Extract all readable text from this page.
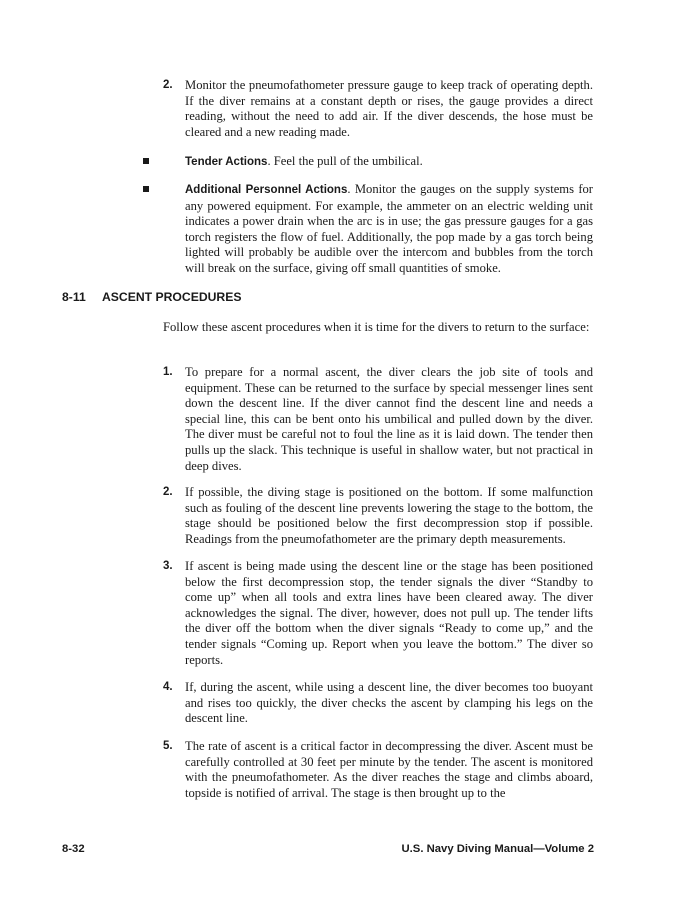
2. Monitor the pneumofathometer pressure gauge to keep track of operating depth. If the diver remains at a constant depth or rises, the gauge provides a direct reading, without the need to add air. If the diver descends, the hose must be cleared and a new reading made.
Tender Actions. Feel the pull of the umbilical.
Additional Personnel Actions. Monitor the gauges on the supply systems for any powered equipment. For example, the ammeter on an electric welding unit indicates a power drain when the arc is in use; the gas pressure gauges for a gas torch registers the flow of fuel. Additionally, the pop made by a gas torch being lighted will probably be audible over the intercom and bubbles from the torch will break on the surface, giving off small quantities of smoke.
8-11 ASCENT PROCEDURES
Follow these ascent procedures when it is time for the divers to return to the surface:
1. To prepare for a normal ascent, the diver clears the job site of tools and equipment. These can be returned to the surface by special messenger lines sent down the descent line. If the diver cannot find the descent line and needs a special line, this can be bent onto his umbilical and pulled down by the diver. The diver must be careful not to foul the line as it is laid down. The tender then pulls up the slack. This technique is useful in shallow water, but not practical in deep dives.
2. If possible, the diving stage is positioned on the bottom. If some malfunction such as fouling of the descent line prevents lowering the stage to the bottom, the stage should be positioned below the first decompression stop if possible. Readings from the pneumofathometer are the primary depth measurements.
3. If ascent is being made using the descent line or the stage has been positioned below the first decompression stop, the tender signals the diver “Standby to come up” when all tools and extra lines have been cleared away. The diver acknowledges the signal. The diver, however, does not pull up. The tender lifts the diver off the bottom when the diver signals “Ready to come up,” and the tender signals “Coming up. Report when you leave the bottom.” The diver so reports.
4. If, during the ascent, while using a descent line, the diver becomes too buoyant and rises too quickly, the diver checks the ascent by clamping his legs on the descent line.
5. The rate of ascent is a critical factor in decompressing the diver. Ascent must be carefully controlled at 30 feet per minute by the tender. The ascent is monitored with the pneumofathometer. As the diver reaches the stage and climbs aboard, topside is notified of arrival. The stage is then brought up to the
8-32	U.S. Navy Diving Manual—Volume 2
